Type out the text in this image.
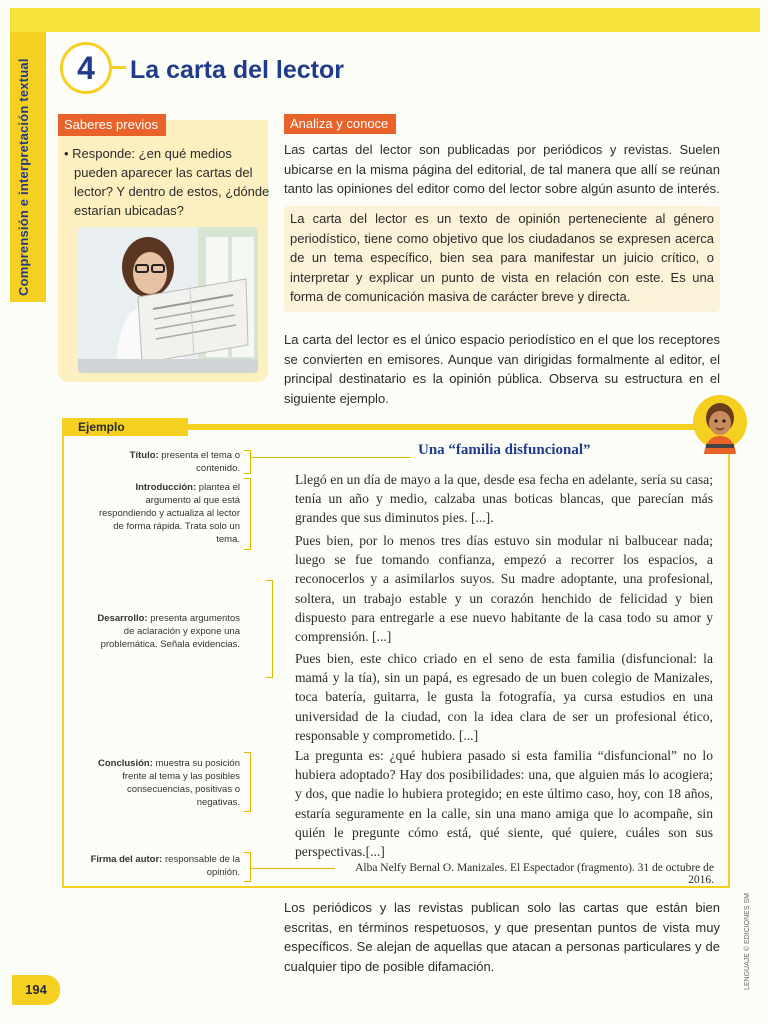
Comprensión e interpretación textual	4	La carta del lector
Saberes previos

• Responde: ¿en qué medios pueden aparecer las cartas del lector? Y dentro de estos, ¿dónde estarían ubicadas?

Analiza y conoce

Las cartas del lector son publicadas por periódicos y revistas. Suelen ubicarse en la misma página del editorial, de tal manera que allí se reúnan tanto las opiniones del editor como del lector sobre algún asunto de interés.

La carta del lector es un texto de opinión perteneciente al género periodístico, tiene como objetivo que los ciudadanos se expresen acerca de un tema específico, bien sea para manifestar un juicio crítico, o interpretar y explicar un punto de vista en relación con este. Es una forma de comunicación masiva de carácter breve y directa.

La carta del lector es el único espacio periodístico en el que los receptores se convierten en emisores. Aunque van dirigidas formalmente al editor, el principal destinatario es la opinión pública. Observa su estructura en el siguiente ejemplo.

Ejemplo

Título: presenta el tema o contenido.

Introducción: plantea el argumento al que está respondiendo y actualiza al lector de forma rápida. Trata solo un tema.

Desarrollo: presenta argumentos de aclaración y expone una problemática. Señala evidencias.

Conclusión: muestra su posición frente al tema y las posibles consecuencias, positivas o negativas.

Firma del autor: responsable de la opinión.

Una “familia disfuncional”

Llegó en un día de mayo a la que, desde esa fecha en adelante, sería su casa; tenía un año y medio, calzaba unas boticas blancas, que parecían más grandes que sus diminutos pies. [...].

Pues bien, por lo menos tres días estuvo sin modular ni balbucear nada; luego se fue tomando confianza, empezó a recorrer los espacios, a reconocerlos y a asimilarlos suyos. Su madre adoptante, una profesional, soltera, un trabajo estable y un corazón henchido de felicidad y bien dispuesto para entregarle a ese nuevo habitante de la casa todo su amor y comprensión. [...]

Pues bien, este chico criado en el seno de esta familia (disfuncional: la mamá y la tía), sin un papá, es egresado de un buen colegio de Manizales, toca batería, guitarra, le gusta la fotografía, ya cursa estudios en una universidad de la ciudad, con la idea clara de ser un profesional ético, responsable y comprometido. [...]

La pregunta es: ¿qué hubiera pasado si esta familia “disfuncional” no lo hubiera adoptado? Hay dos posibilidades: una, que alguien más lo acogiera; y dos, que nadie lo hubiera protegido; en este último caso, hoy, con 18 años, estaría seguramente en la calle, sin una mano amiga que lo acompañe, sin quién le pregunte cómo está, qué siente, qué quiere, cuáles son sus perspectivas.[...]

Alba Nelfy Bernal O. Manizales. El Espectador (fragmento). 31 de octubre de 2016.

Los periódicos y las revistas publican solo las cartas que están bien escritas, en términos respetuosos, y que presentan puntos de vista muy específicos. Se alejan de aquellas que atacan a personas particulares y de cualquier tipo de posible difamación.

194	LENGUAJE © EDICIONES SM
